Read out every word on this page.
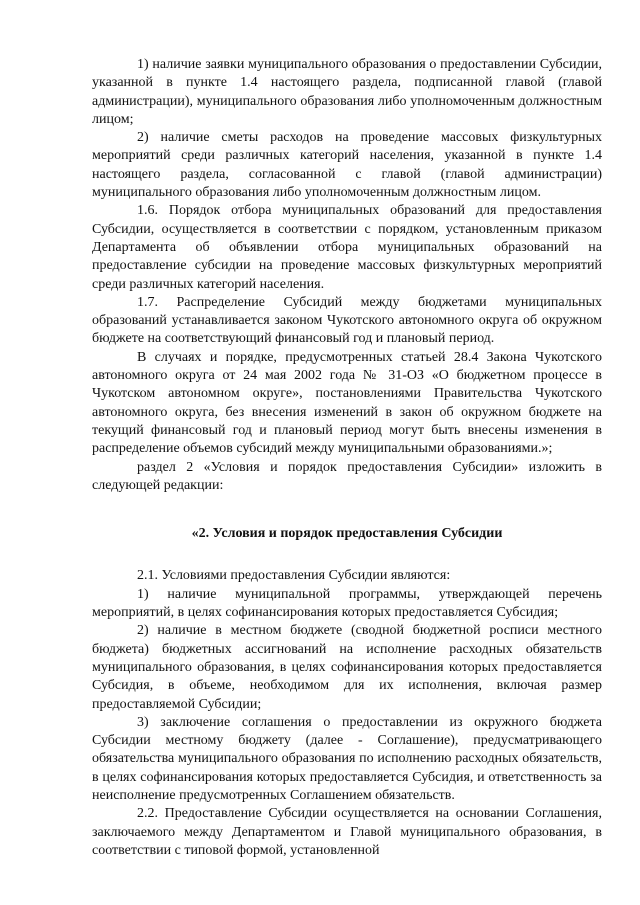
1) наличие заявки муниципального образования о предоставлении Субсидии, указанной в пункте 1.4 настоящего раздела, подписанной главой (главой администрации), муниципального образования либо уполномоченным должностным лицом;

2) наличие сметы расходов на проведение массовых физкультурных мероприятий среди различных категорий населения, указанной в пункте 1.4 настоящего раздела, согласованной с главой (главой администрации) муниципального образования либо уполномоченным должностным лицом.

1.6. Порядок отбора муниципальных образований для предоставления Субсидии, осуществляется в соответствии с порядком, установленным приказом Департамента об объявлении отбора муниципальных образований на предоставление субсидии на проведение массовых физкультурных мероприятий среди различных категорий населения.

1.7. Распределение Субсидий между бюджетами муниципальных образований устанавливается законом Чукотского автономного округа об окружном бюджете на соответствующий финансовый год и плановый период.

В случаях и порядке, предусмотренных статьей 28.4 Закона Чукотского автономного округа от 24 мая 2002 года № 31-ОЗ «О бюджетном процессе в Чукотском автономном округе», постановлениями Правительства Чукотского автономного округа, без внесения изменений в закон об окружном бюджете на текущий финансовый год и плановый период могут быть внесены изменения в распределение объемов субсидий между муниципальными образованиями.»;

раздел 2 «Условия и порядок предоставления Субсидии» изложить в следующей редакции:

«2. Условия и порядок предоставления Субсидии

2.1. Условиями предоставления Субсидии являются:

1) наличие муниципальной программы, утверждающей перечень мероприятий, в целях софинансирования которых предоставляется Субсидия;

2) наличие в местном бюджете (сводной бюджетной росписи местного бюджета) бюджетных ассигнований на исполнение расходных обязательств муниципального образования, в целях софинансирования которых предоставляется Субсидия, в объеме, необходимом для их исполнения, включая размер предоставляемой Субсидии;

3) заключение соглашения о предоставлении из окружного бюджета Субсидии местному бюджету (далее - Соглашение), предусматривающего обязательства муниципального образования по исполнению расходных обязательств, в целях софинансирования которых предоставляется Субсидия, и ответственность за неисполнение предусмотренных Соглашением обязательств.

2.2. Предоставление Субсидии осуществляется на основании Соглашения, заключаемого между Департаментом и Главой муниципального образования, в соответствии с типовой формой, установленной
